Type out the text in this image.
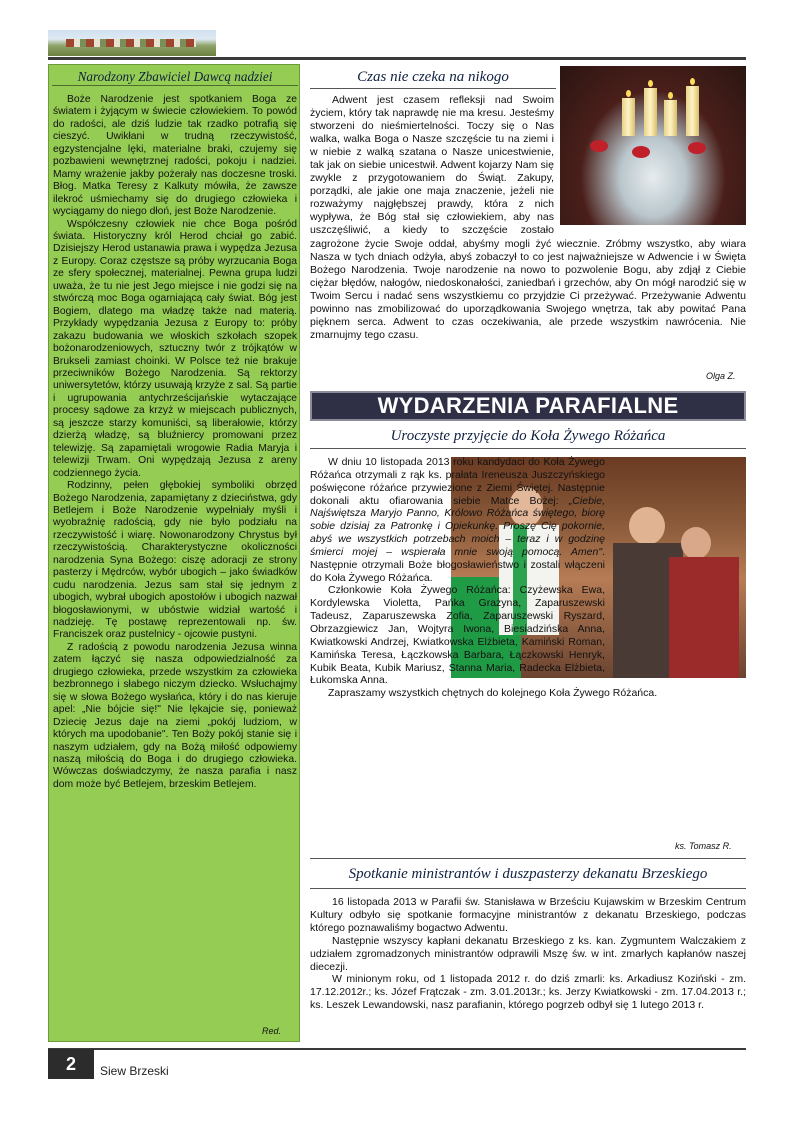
Narodzony Zbawiciel Dawcą nadziei

Boże Narodzenie jest spotkaniem Boga ze światem i żyjącym w świecie człowiekiem. To powód do radości, ale dziś ludzie tak rzadko potrafią się cieszyć. Uwikłani w trudną rzeczywistość, egzystencjalne lęki, materialne braki, czujemy się pozbawieni wewnętrznej radości, pokoju i nadziei. Mamy wrażenie jakby pożerały nas doczesne troski. Błog. Matka Teresy z Kalkuty mówiła, że zawsze ilekroć uśmiechamy się do drugiego człowieka i wyciągamy do niego dłoń, jest Boże Narodzenie.

Współczesny człowiek nie chce Boga pośród świata. Historyczny król Herod chciał go zabić. Dzisiejszy Herod ustanawia prawa i wypędza Jezusa z Europy. Coraz częstsze są próby wyrzucania Boga ze sfery społecznej, materialnej. Pewna grupa ludzi uważa, że tu nie jest Jego miejsce i nie godzi się na stwórczą moc Boga ogarniającą cały świat. Bóg jest Bogiem, dlatego ma władzę także nad materią. Przykłady wypędzania Jezusa z Europy to: próby zakazu budowania we włoskich szkołach szopek bożonarodzeniowych, sztuczny twór z trójkątów w Brukseli zamiast choinki. W Polsce też nie brakuje przeciwników Bożego Narodzenia. Są rektorzy uniwersytetów, którzy usuwają krzyże z sal. Są partie i ugrupowania antychrześcijańskie wytaczające procesy sądowe za krzyż w miejscach publicznych, są jeszcze starzy komuniści, są liberałowie, którzy dzierżą władzę, są bluźniercy promowani przez telewizję. Są zapamiętali wrogowie Radia Maryja i telewizji Trwam. Oni wypędzają Jezusa z areny codziennego życia.

Rodzinny, pełen głębokiej symboliki obrzęd Bożego Narodzenia, zapamiętany z dzieciństwa, gdy Betlejem i Boże Narodzenie wypełniały myśli i wyobraźnię radością, gdy nie było podziału na rzeczywistość i wiarę. Nowonarodzony Chrystus był rzeczywistością. Charakterystyczne okoliczności narodzenia Syna Bożego: ciszę adoracji ze strony pasterzy i Mędrców, wybór ubogich – jako świadków cudu narodzenia. Jezus sam stał się jednym z ubogich, wybrał ubogich apostołów i ubogich nazwał błogosławionymi, w ubóstwie widział wartość i nadzieję. Tę postawę reprezentowali np. św. Franciszek oraz pustelnicy - ojcowie pustyni.

Z radością z powodu narodzenia Jezusa winna zatem łączyć się nasza odpowiedzialność za drugiego człowieka, przede wszystkim za człowieka bezbronnego i słabego niczym dziecko. Wsłuchajmy się w słowa Bożego wysłańca, który i do nas kieruje apel: „Nie bójcie się!" Nie lękajcie się, ponieważ Dziecię Jezus daje na ziemi „pokój ludziom, w których ma upodobanie". Ten Boży pokój stanie się i naszym udziałem, gdy na Bożą miłość odpowiemy naszą miłością do Boga i do drugiego człowieka. Wówczas doświadczymy, że nasza parafia i nasz dom może być Betlejem, brzeskim Betlejem.

Red.
Czas nie czeka na nikogo

Adwent jest czasem refleksji nad Swoim życiem, który tak naprawdę nie ma kresu. Jesteśmy stworzeni do nieśmiertelności. Toczy się o Nas walka, walka Boga o Nasze szczęście tu na ziemi i w niebie z walką szatana o Nasze unicestwienie, tak jak on siebie unicestwił. Adwent kojarzy Nam się zwykle z przygotowaniem do Świąt. Zakupy, porządki, ale jakie one maja znaczenie, jeżeli nie rozważymy najgłębszej prawdy, która z nich wypływa, że Bóg stał się człowiekiem, aby nas uszczęśliwić, a kiedy to szczęście zostało zagrożone życie Swoje oddał, abyśmy mogli żyć wiecznie. Zróbmy wszystko, aby wiara Nasza w tych dniach odżyła, abyś zobaczył to co jest najważniejsze w Adwencie i w Święta Bożego Narodzenia. Twoje narodzenie na nowo to pozwolenie Bogu, aby zdjął z Ciebie ciężar błędów, nałogów, niedoskonałości, zaniedbań i grzechów, aby On mógł narodzić się w Twoim Sercu i nadać sens wszystkiemu co przyjdzie Ci przeżywać. Przeżywanie Adwentu powinno nas zmobilizować do uporządkowania Swojego wnętrza, tak aby powitać Pana pięknem serca. Adwent to czas oczekiwania, ale przede wszystkim nawrócenia. Nie zmarnujmy tego czasu.

Olga Z.
WYDARZENIA PARAFIALNE
Uroczyste przyjęcie do Koła Żywego Różańca

W dniu 10 listopada 2013 roku kandydaci do Koła Żywego Różańca otrzymali z rąk ks. prałata Ireneusza Juszczyńskiego poświęcone różańce przywiezione z Ziemi Świętej. Następnie dokonali aktu ofiarowania siebie Matce Bożej: „Ciebie, Najświętsza Maryjo Panno, Królowo Różańca świętego, biorę sobie dzisiaj za Patronkę i Opiekunkę. Proszę Cię pokornie, abyś we wszystkich potrzebach moich – teraz i w godzinę śmierci mojej – wspierała mnie swoją pomocą. Amen". Następnie otrzymali Boże błogosławieństwo i zostali włączeni do Koła Żywego Różańca.

Członkowie Koła Żywego Różańca: Czyżewska Ewa, Kordylewska Violetta, Pańka Grażyna, Zaparuszewski Tadeusz, Zaparuszewska Zofia, Zaparuszewski Ryszard, Obrzazgiewicz Jan, Wojtyra Iwona, Biesiadzińska Anna, Kwiatkowski Andrzej, Kwiatkowska Elżbieta, Kamiński Roman, Kamińska Teresa, Łączkowska Barbara, Łączkowski Henryk, Kubik Beata, Kubik Mariusz, Stanna Maria, Radecka Elżbieta, Łukomska Anna.

Zapraszamy wszystkich chętnych do kolejnego Koła Żywego Różańca.

ks. Tomasz R.
Spotkanie ministrantów i duszpasterzy dekanatu Brzeskiego

16 listopada 2013 w Parafii św. Stanisława w Brześciu Kujawskim w Brzeskim Centrum Kultury odbyło się spotkanie formacyjne ministrantów z dekanatu Brzeskiego, podczas którego poznawaliśmy bogactwo Adwentu.

Następnie wszyscy kapłani dekanatu Brzeskiego z ks. kan. Zygmuntem Walczakiem z udziałem zgromadzonych ministrantów odprawili Mszę św. w int. zmarłych kapłanów naszej diecezji.

W minionym roku, od 1 listopada 2012 r. do dziś zmarli: ks. Arkadiusz Koziński - zm. 17.12.2012r.; ks. Józef Frątczak - zm. 3.01.2013r.; ks. Jerzy Kwiatkowski - zm. 17.04.2013 r.; ks. Leszek Lewandowski, nasz parafianin, którego pogrzeb odbył się 1 lutego 2013 r.

2	Siew Brzeski
